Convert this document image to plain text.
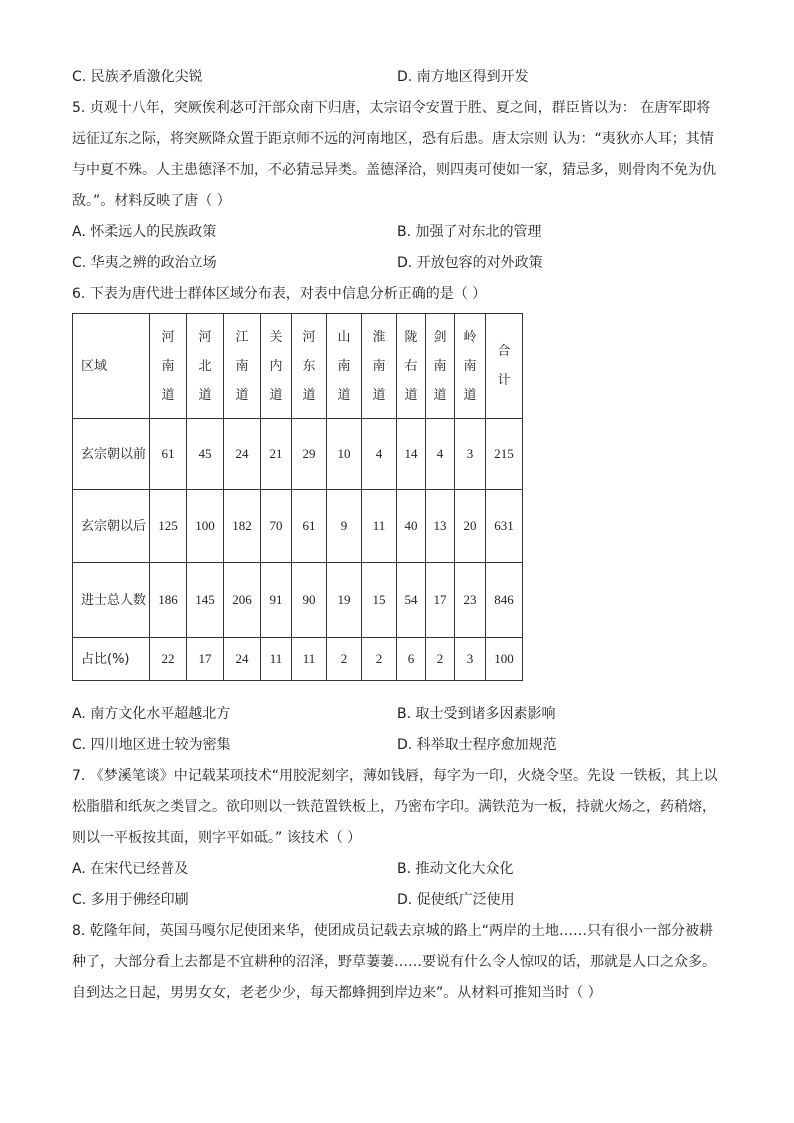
C. 民族矛盾激化尖锐	D. 南方地区得到开发
5. 贞观十八年，突厥俟利苾可汗部众南下归唐，太宗诏令安置于胜、夏之间，群臣皆以为： 在唐军即将
远征辽东之际，将突厥降众置于距京师不远的河南地区，恐有后患。唐太宗则 认为：“夷狄亦人耳；其情
与中夏不殊。人主患德泽不加，不必猜忌异类。盖德泽洽，则四夷可使如一家，猜忌多，则骨肉不免为仇
敌。”。材料反映了唐（ ）
A. 怀柔远人的民族政策	B. 加强了对东北的管理
C. 华夷之辨的政治立场	D. 开放包容的对外政策
6. 下表为唐代进士群体区域分布表，对表中信息分析正确的是（ ）
区域	河南道	河北道	江南道	关内道	河东道	山南道	淮南道	陇右道	剑南道	岭南道	合计
玄宗朝以前	61	45	24	21	29	10	4	14	4	3	215
玄宗朝以后	125	100	182	70	61	9	11	40	13	20	631
进士总人数	186	145	206	91	90	19	15	54	17	23	846
占比(%)	22	17	24	11	11	2	2	6	2	3	100
A. 南方文化水平超越北方	B. 取士受到诸多因素影响
C. 四川地区进士较为密集	D. 科举取士程序愈加规范
7. 《梦溪笔谈》中记载某项技术“用胶泥刻字，薄如钱唇，每字为一印，火烧令坚。先设 一铁板，其上以
松脂腊和纸灰之类冒之。欲印则以一铁范置铁板上，乃密布字印。满铁范为一板，持就火炀之，药稍熔，
则以一平板按其面，则字平如砥。” 该技术（ ）
A. 在宋代已经普及	B. 推动文化大众化
C. 多用于佛经印刷	D. 促使纸广泛使用
8. 乾隆年间，英国马嘎尔尼使团来华，使团成员记载去京城的路上“两岸的土地……只有很小一部分被耕
种了，大部分看上去都是不宜耕种的沼泽，野草萋萋……要说有什么令人惊叹的话，那就是人口之众多。
自到达之日起，男男女女，老老少少，每天都蜂拥到岸边来”。从材料可推知当时（ ）
